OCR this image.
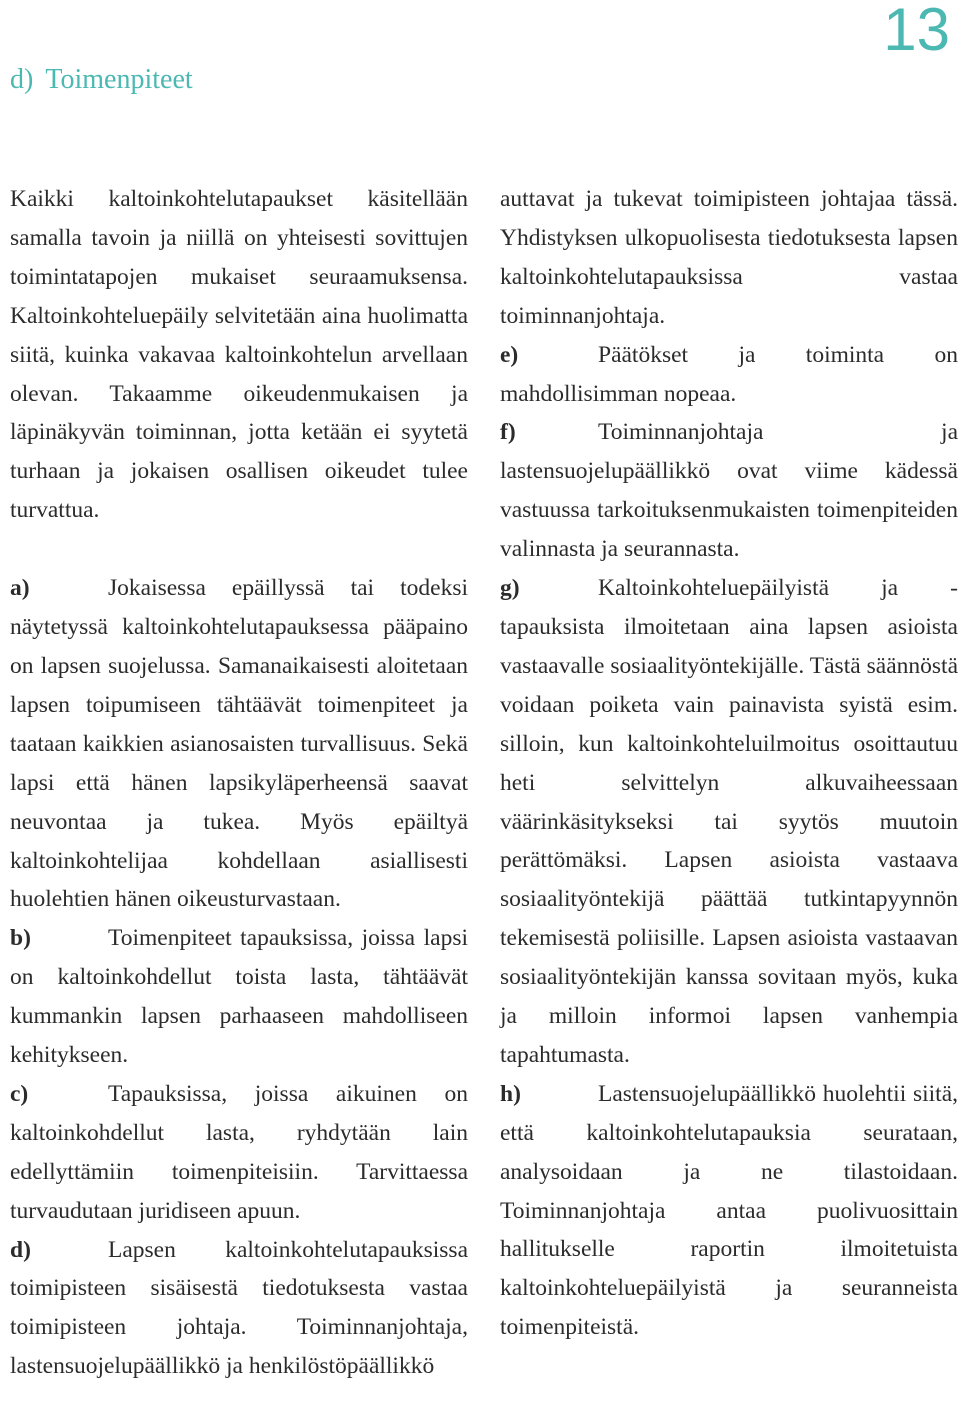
13
d) Toimenpiteet

Kaikki kaltoinkohtelutapaukset käsitellään samalla tavoin ja niillä on yhteisesti sovittujen toimintatapojen mukaiset seuraamuksensa. Kaltoinkohteluepäily selvitetään aina huolimatta siitä, kuinka vakavaa kaltoinkohtelun arvellaan olevan. Takaamme oikeudenmukaisen ja läpinäkyvän toiminnan, jotta ketään ei syytetä turhaan ja jokaisen osallisen oikeudet tulee turvattua.

a)	Jokaisessa epäillyssä tai todeksi näytetyssä kaltoinkohtelutapauksessa pääpaino on lapsen suojelussa. Samanaikaisesti aloitetaan lapsen toipumiseen tähtäävät toimenpiteet ja taataan kaikkien asianosaisten turvallisuus. Sekä lapsi että hänen lapsikyläperheensä saavat neuvontaa ja tukea. Myös epäiltyä kaltoinkohtelijaa kohdellaan asiallisesti huolehtien hänen oikeusturvastaan.

b)	Toimenpiteet tapauksissa, joissa lapsi on kaltoinkohdellut toista lasta, tähtäävät kummankin lapsen parhaaseen mahdolliseen kehitykseen.

c)	Tapauksissa, joissa aikuinen on kaltoinkohdellut lasta, ryhdytään lain edellyttämiin toimenpiteisiin. Tarvittaessa turvaudutaan juridiseen apuun.

d)	Lapsen kaltoinkohtelutapauksissa toimipisteen sisäisestä tiedotuksesta vastaa toimipisteen johtaja. Toiminnanjohtaja, lastensuojelupäällikkö ja henkilöstöpäällikkö

auttavat ja tukevat toimipisteen johtajaa tässä. Yhdistyksen ulkopuolisesta tiedotuksesta lapsen kaltoinkohtelutapauksissa vastaa toiminnanjohtaja.

e)	Päätökset ja toiminta on mahdollisimman nopeaa.

f)	Toiminnanjohtaja ja lastensuojelupäällikkö ovat viime kädessä vastuussa tarkoituksenmukaisten toimenpiteiden valinnasta ja seurannasta.

g)	Kaltoinkohteluepäilyistä ja -tapauksista ilmoitetaan aina lapsen asioista vastaavalle sosiaalityöntekijälle. Tästä säännöstä voidaan poiketa vain painavista syistä esim. silloin, kun kaltoinkohteluilmoitus osoittautuu heti selvittelyn alkuvaiheessaan väärinkäsitykseksi tai syytös muutoin perättömäksi. Lapsen asioista vastaava sosiaalityöntekijä päättää tutkintapyynnön tekemisestä poliisille. Lapsen asioista vastaavan sosiaalityöntekijän kanssa sovitaan myös, kuka ja milloin informoi lapsen vanhempia tapahtumasta.

h)	Lastensuojelupäällikkö huolehtii siitä, että kaltoinkohtelutapauksia seurataan, analysoidaan ja ne tilastoidaan. Toiminnanjohtaja antaa puolivuosittain hallitukselle raportin ilmoitetuista kaltoinkohteluepäilyistä ja seuranneista toimenpiteistä.
